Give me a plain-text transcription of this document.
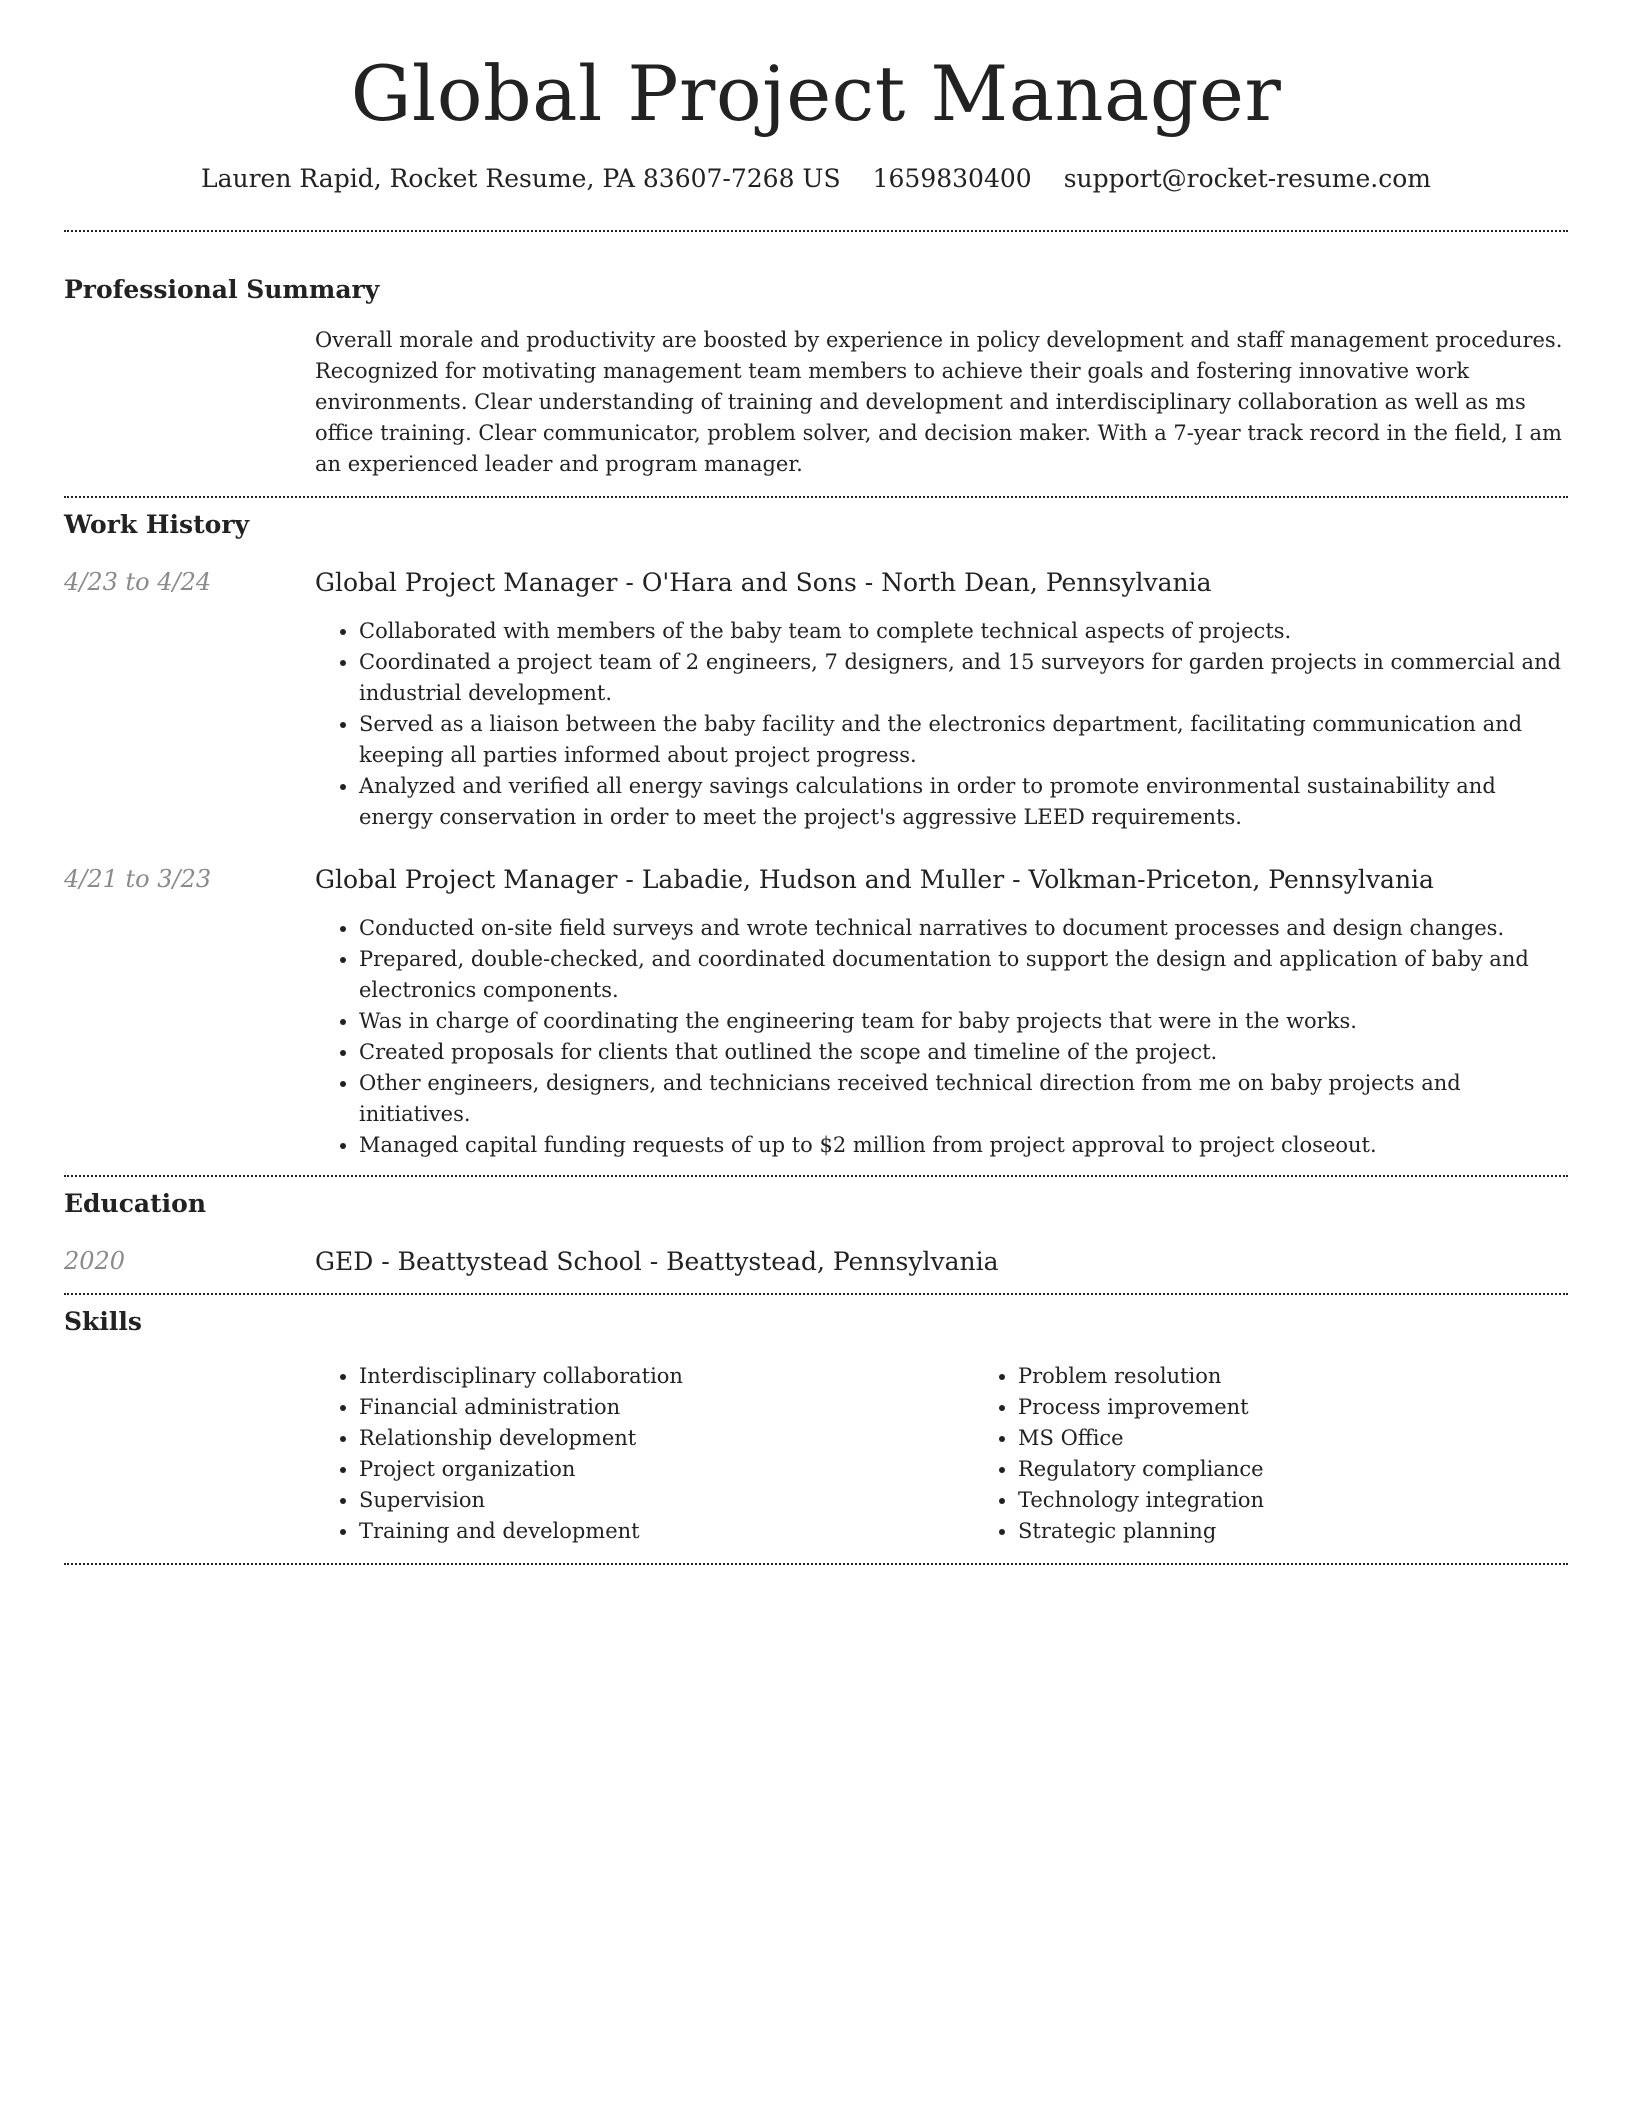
Global Project Manager
Lauren Rapid, Rocket Resume, PA 83607-7268 US 1659830400 support@rocket-resume.com
Professional Summary

Overall morale and productivity are boosted by experience in policy development and staff management procedures. Recognized for motivating management team members to achieve their goals and fostering innovative work environments. Clear understanding of training and development and interdisciplinary collaboration as well as ms office training. Clear communicator, problem solver, and decision maker. With a 7-year track record in the field, I am an experienced leader and program manager.

Work History
4/23 to 4/24	Global Project Manager - O'Hara and Sons - North Dean, Pennsylvania
• Collaborated with members of the baby team to complete technical aspects of projects.
• Coordinated a project team of 2 engineers, 7 designers, and 15 surveyors for garden projects in commercial and industrial development.
• Served as a liaison between the baby facility and the electronics department, facilitating communication and keeping all parties informed about project progress.
• Analyzed and verified all energy savings calculations in order to promote environmental sustainability and energy conservation in order to meet the project's aggressive LEED requirements.
4/21 to 3/23	Global Project Manager - Labadie, Hudson and Muller - Volkman-Priceton, Pennsylvania
• Conducted on-site field surveys and wrote technical narratives to document processes and design changes.
• Prepared, double-checked, and coordinated documentation to support the design and application of baby and electronics components.
• Was in charge of coordinating the engineering team for baby projects that were in the works.
• Created proposals for clients that outlined the scope and timeline of the project.
• Other engineers, designers, and technicians received technical direction from me on baby projects and initiatives.
• Managed capital funding requests of up to $2 million from project approval to project closeout.
Education
2020	GED - Beattystead School - Beattystead, Pennsylvania
Skills
• Interdisciplinary collaboration
• Financial administration
• Relationship development
• Project organization
• Supervision
• Training and development
• Problem resolution
• Process improvement
• MS Office
• Regulatory compliance
• Technology integration
• Strategic planning
